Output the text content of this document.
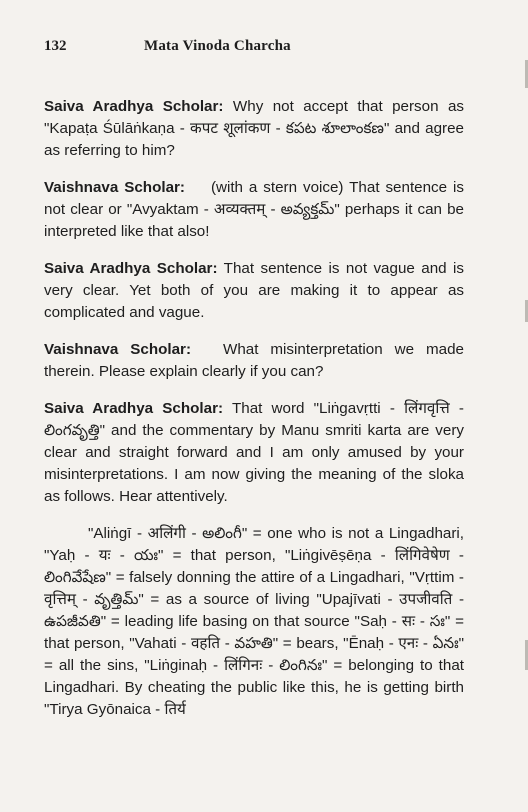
132	Mata Vinoda Charcha

Saiva Aradhya Scholar: Why not accept that person as "Kapaṭa Śūlāṅkaṇa - कपट शूलांकण - కపట శూలాంకణ" and agree as referring to him?

Vaishnava Scholar: (with a stern voice) That sentence is not clear or "Avyaktam - अव्यक्तम् - అవ్యక్తమ్" perhaps it can be interpreted like that also!

Saiva Aradhya Scholar: That sentence is not vague and is very clear. Yet both of you are making it to appear as complicated and vague.

Vaishnava Scholar: What misinterpretation we made therein. Please explain clearly if you can?

Saiva Aradhya Scholar: That word "Liṅgavṛtti - लिंगवृत्ति - లింగవృత్తి" and the commentary by Manu smriti karta are very clear and straight forward and I am only amused by your misinterpretations. I am now giving the meaning of the sloka as follows. Hear attentively.

"Aliṅgī - अलिंगी - అలింగీ" = one who is not a Lingadhari, "Yaḥ - यः - యః" = that person, "Liṅgivēṣēṇa - लिंगिवेषेण - లింగివేషేణ" = falsely donning the attire of a Lingadhari, "Vṛttim - वृत्तिम् - వృత్తిమ్" = as a source of living "Upajīvati - उपजीवति - ఉపజీవతి" = leading life basing on that source "Saḥ - सः - సః" = that person, "Vahati - वहति - వహతి" = bears, "Ēnaḥ - एनः - ఏనః" = all the sins, "Liṅginaḥ - लिंगिनः - లింగినః" = belonging to that Lingadhari. By cheating the public like this, he is getting birth "Tirya Gyōnaica - तिर्य
